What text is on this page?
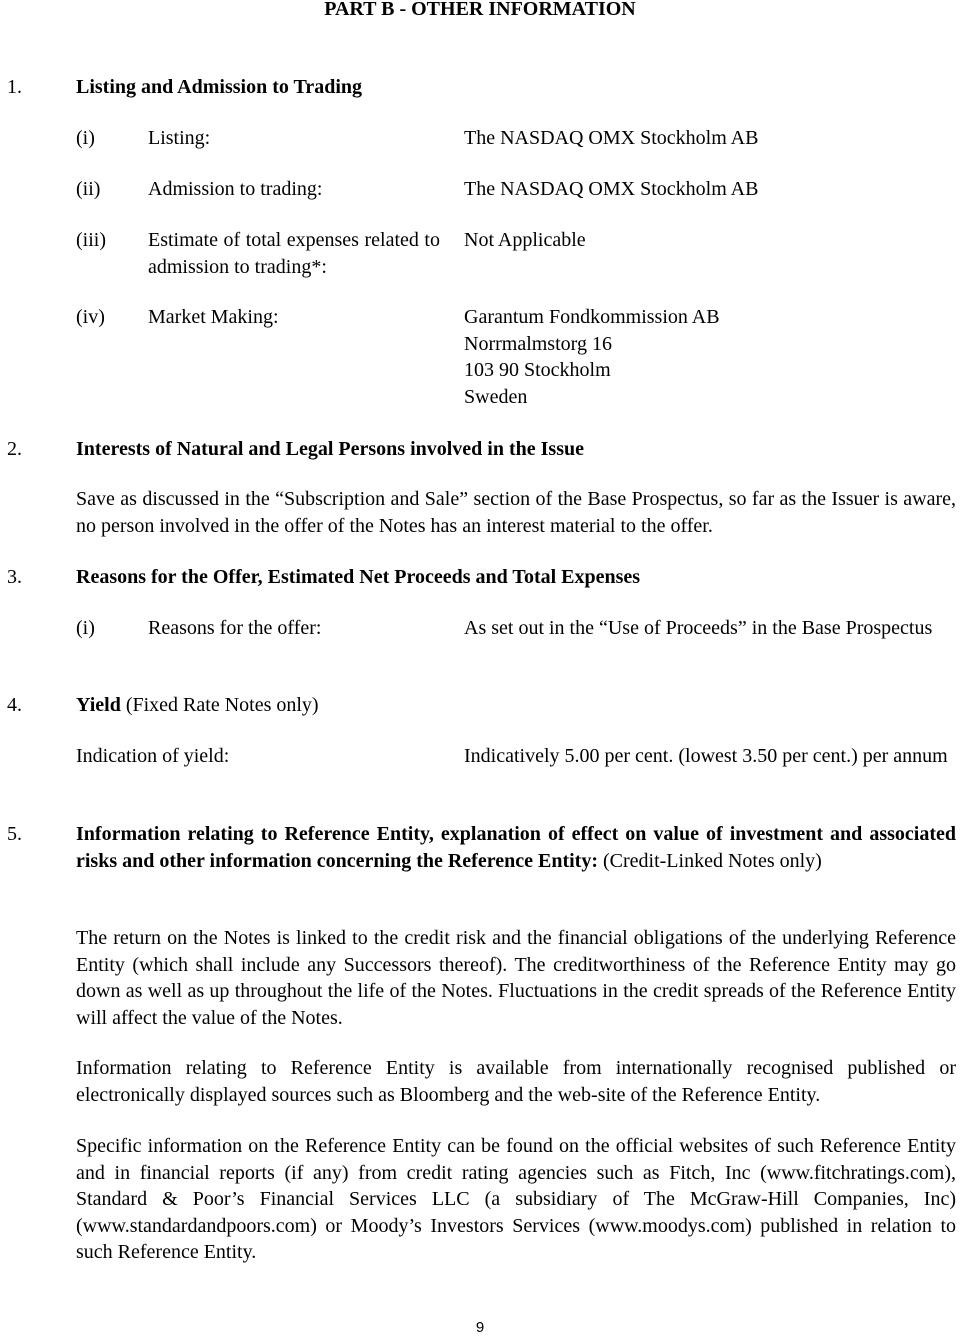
PART B - OTHER INFORMATION
1.	Listing and Admission to Trading
(i)	Listing:	The NASDAQ OMX Stockholm AB
(ii) Admission to trading:	The NASDAQ OMX Stockholm AB
(iii) Estimate of total expenses related to admission to trading*:
Not Applicable
(iv) Market Making:	Garantum Fondkommission AB
Norrmalmstorg 16
103 90 Stockholm
Sweden
2.	Interests of Natural and Legal Persons involved in the Issue
Save as discussed in the “Subscription and Sale” section of the Base Prospectus, so far as the Issuer is aware, no person involved in the offer of the Notes has an interest material to the offer.
3.	Reasons for the Offer, Estimated Net Proceeds and Total Expenses
(i)	Reasons for the offer:	As set out in the “Use of Proceeds” in the Base Prospectus
4.	Yield (Fixed Rate Notes only)
Indication of yield:	Indicatively 5.00 per cent. (lowest 3.50 per cent.) per annum
5.	Information relating to Reference Entity, explanation of effect on value of investment and associated risks and other information concerning the Reference Entity: (Credit-Linked Notes only)
The return on the Notes is linked to the credit risk and the financial obligations of the underlying Reference Entity (which shall include any Successors thereof). The creditworthiness of the Reference Entity may go down as well as up throughout the life of the Notes. Fluctuations in the credit spreads of the Reference Entity will affect the value of the Notes.
Information relating to Reference Entity is available from internationally recognised published or electronically displayed sources such as Bloomberg and the web-site of the Reference Entity.
Specific information on the Reference Entity can be found on the official websites of such Reference Entity and in financial reports (if any) from credit rating agencies such as Fitch, Inc (www.fitchratings.com), Standard & Poor’s Financial Services LLC (a subsidiary of The McGraw-Hill Companies, Inc) (www.standardandpoors.com) or Moody’s Investors Services (www.moodys.com) published in relation to such Reference Entity.
9
